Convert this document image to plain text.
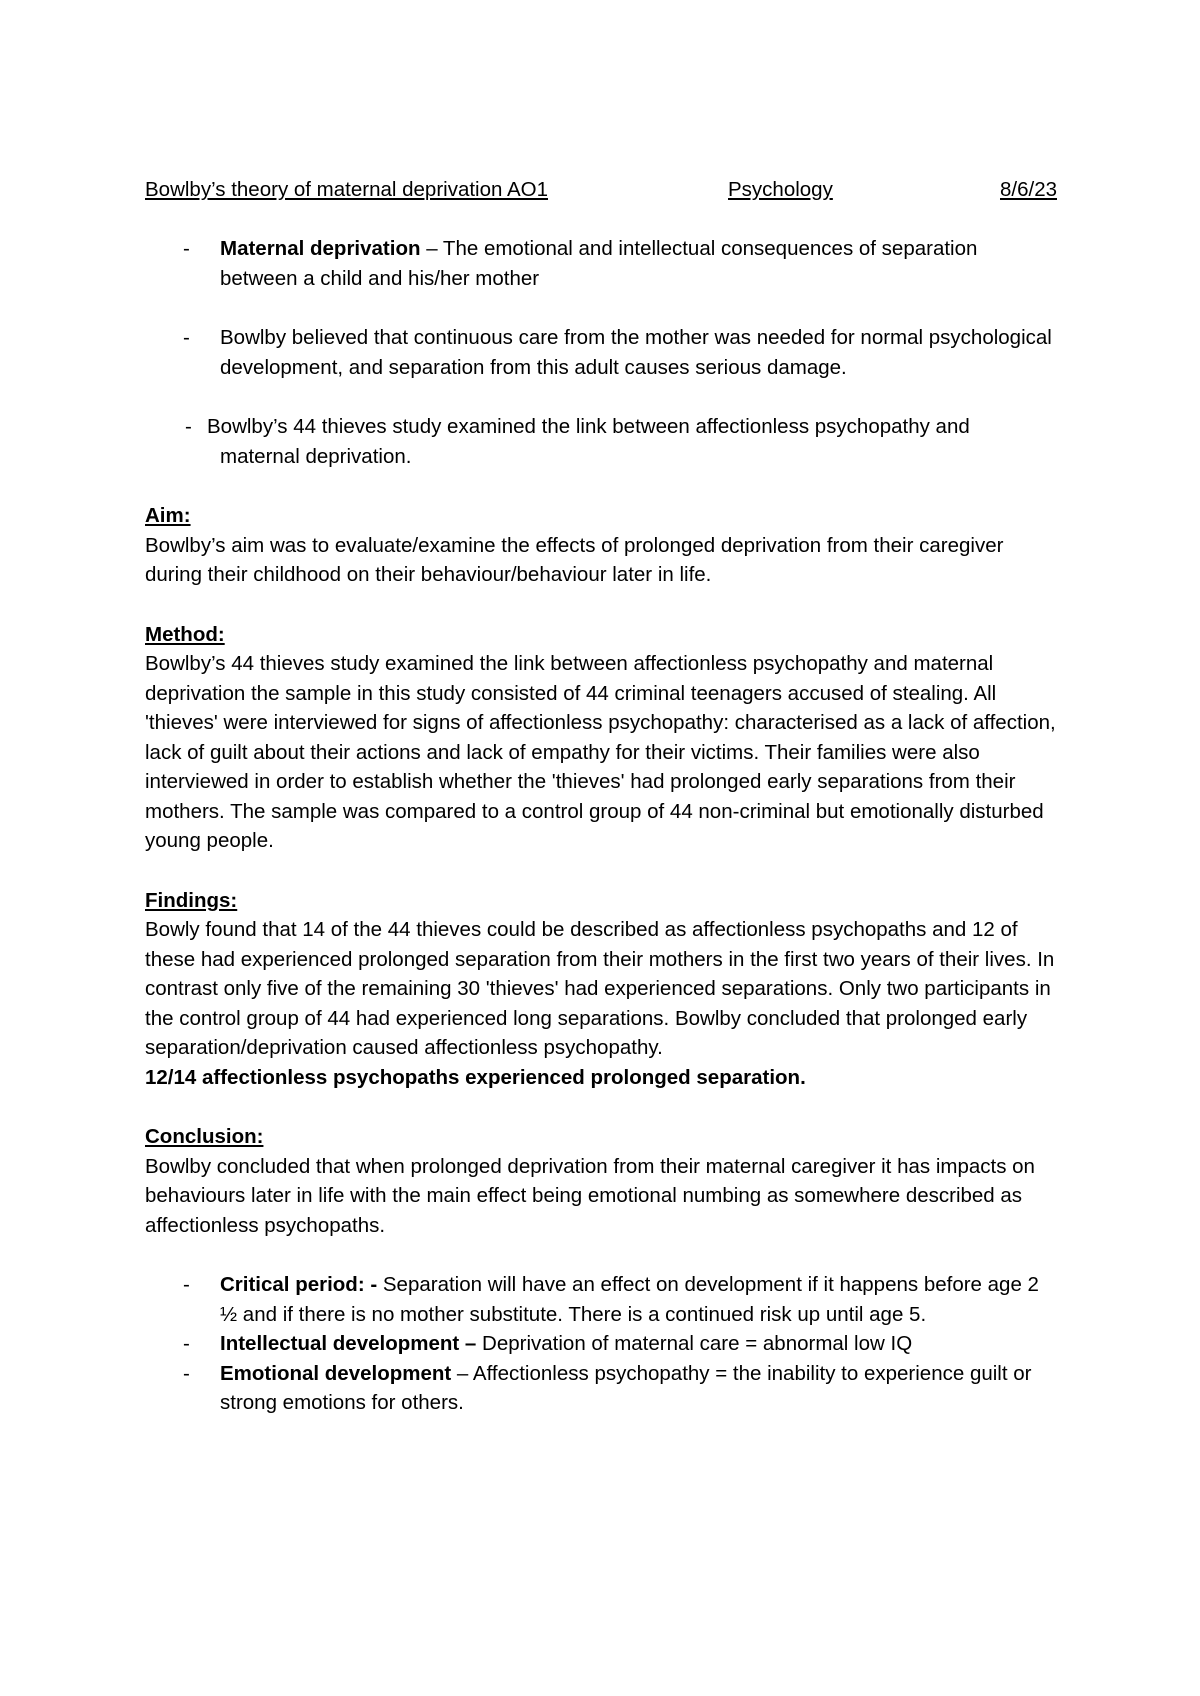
Bowlby’s theory of maternal deprivation AO1	Psychology	8/6/23
- Maternal deprivation – The emotional and intellectual consequences of separation between a child and his/her mother
- Bowlby believed that continuous care from the mother was needed for normal psychological development, and separation from this adult causes serious damage.
- Bowlby’s 44 thieves study examined the link between affectionless psychopathy and
maternal deprivation.
Aim:

Bowlby’s aim was to evaluate/examine the effects of prolonged deprivation from their caregiver during their childhood on their behaviour/behaviour later in life.

Method:

Bowlby’s 44 thieves study examined the link between affectionless psychopathy and maternal deprivation the sample in this study consisted of 44 criminal teenagers accused of stealing. All 'thieves' were interviewed for signs of affectionless psychopathy: characterised as a lack of affection, lack of guilt about their actions and lack of empathy for their victims. Their families were also interviewed in order to establish whether the 'thieves' had prolonged early separations from their mothers. The sample was compared to a control group of 44 non-criminal but emotionally disturbed young people.

Findings:

Bowly found that 14 of the 44 thieves could be described as affectionless psychopaths and 12 of these had experienced prolonged separation from their mothers in the first two years of their lives. In contrast only five of the remaining 30 'thieves' had experienced separations. Only two participants in the control group of 44 had experienced long separations. Bowlby concluded that prolonged early separation/deprivation caused affectionless psychopathy.

12/14 affectionless psychopaths experienced prolonged separation.

Conclusion:

Bowlby concluded that when prolonged deprivation from their maternal caregiver it has impacts on behaviours later in life with the main effect being emotional numbing as somewhere described as affectionless psychopaths.

- Critical period: - Separation will have an effect on development if it happens before age 2 ½ and if there is no mother substitute. There is a continued risk up until age 5.
- Intellectual development – Deprivation of maternal care = abnormal low IQ
- Emotional development – Affectionless psychopathy = the inability to experience guilt or strong emotions for others.
